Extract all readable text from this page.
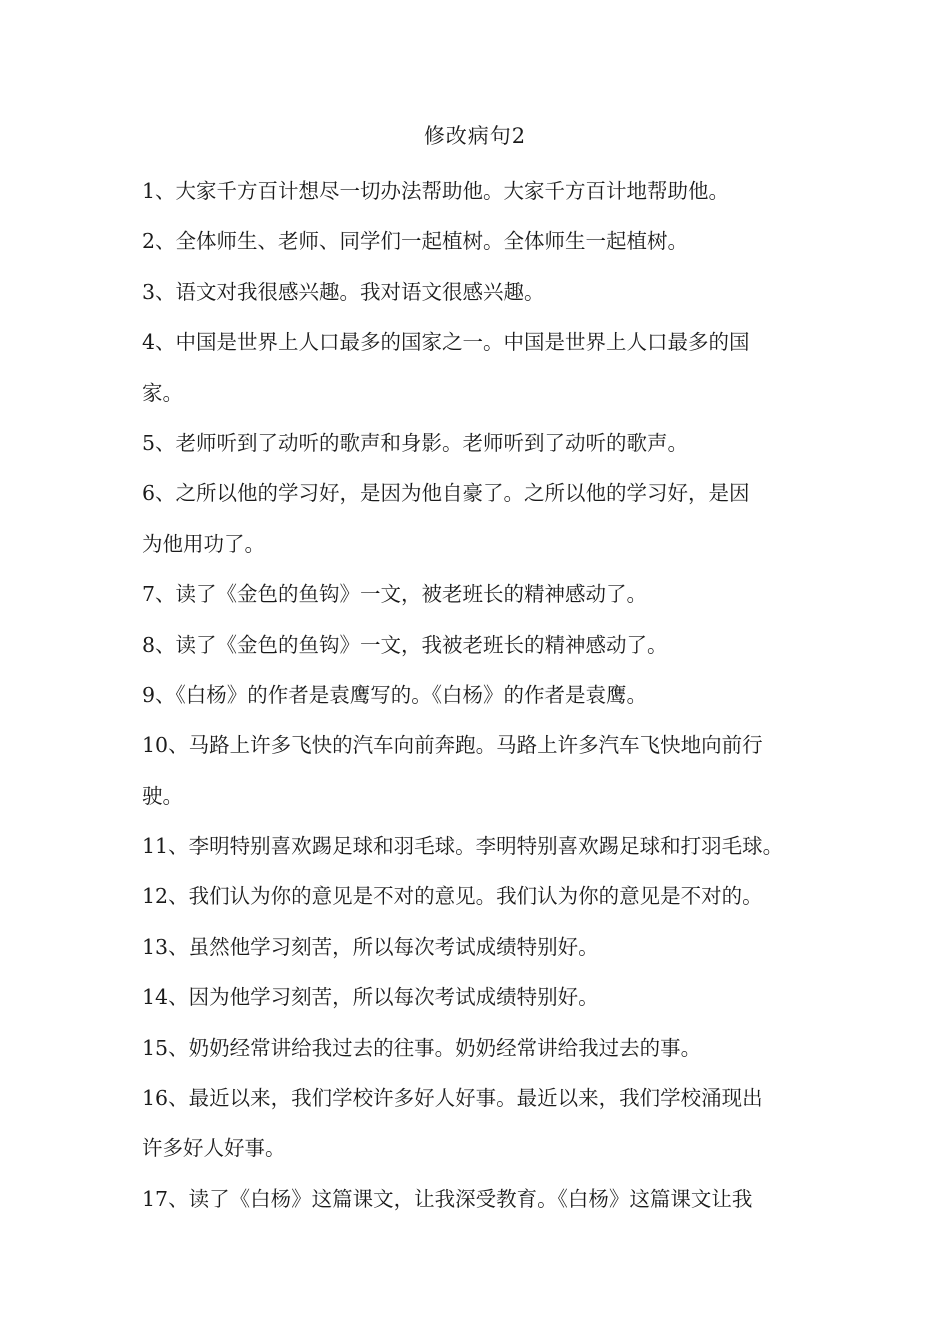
修改病句2
1、大家千方百计想尽一切办法帮助他。大家千方百计地帮助他。
2、全体师生、老师、同学们一起植树。全体师生一起植树。
3、语文对我很感兴趣。我对语文很感兴趣。
4、中国是世界上人口最多的国家之一。中国是世界上人口最多的国
家。
5、老师听到了动听的歌声和身影。老师听到了动听的歌声。
6、之所以他的学习好，是因为他自豪了。之所以他的学习好，是因
为他用功了。
7、读了《金色的鱼钩》一文，被老班长的精神感动了。
8、读了《金色的鱼钩》一文，我被老班长的精神感动了。
9、《白杨》的作者是袁鹰写的。《白杨》的作者是袁鹰。
10、马路上许多飞快的汽车向前奔跑。马路上许多汽车飞快地向前行
驶。
11、李明特别喜欢踢足球和羽毛球。李明特别喜欢踢足球和打羽毛球。
12、我们认为你的意见是不对的意见。我们认为你的意见是不对的。
13、虽然他学习刻苦，所以每次考试成绩特别好。
14、因为他学习刻苦，所以每次考试成绩特别好。
15、奶奶经常讲给我过去的往事。奶奶经常讲给我过去的事。
16、最近以来，我们学校许多好人好事。最近以来，我们学校涌现出
许多好人好事。
17、读了《白杨》这篇课文，让我深受教育。《白杨》这篇课文让我
